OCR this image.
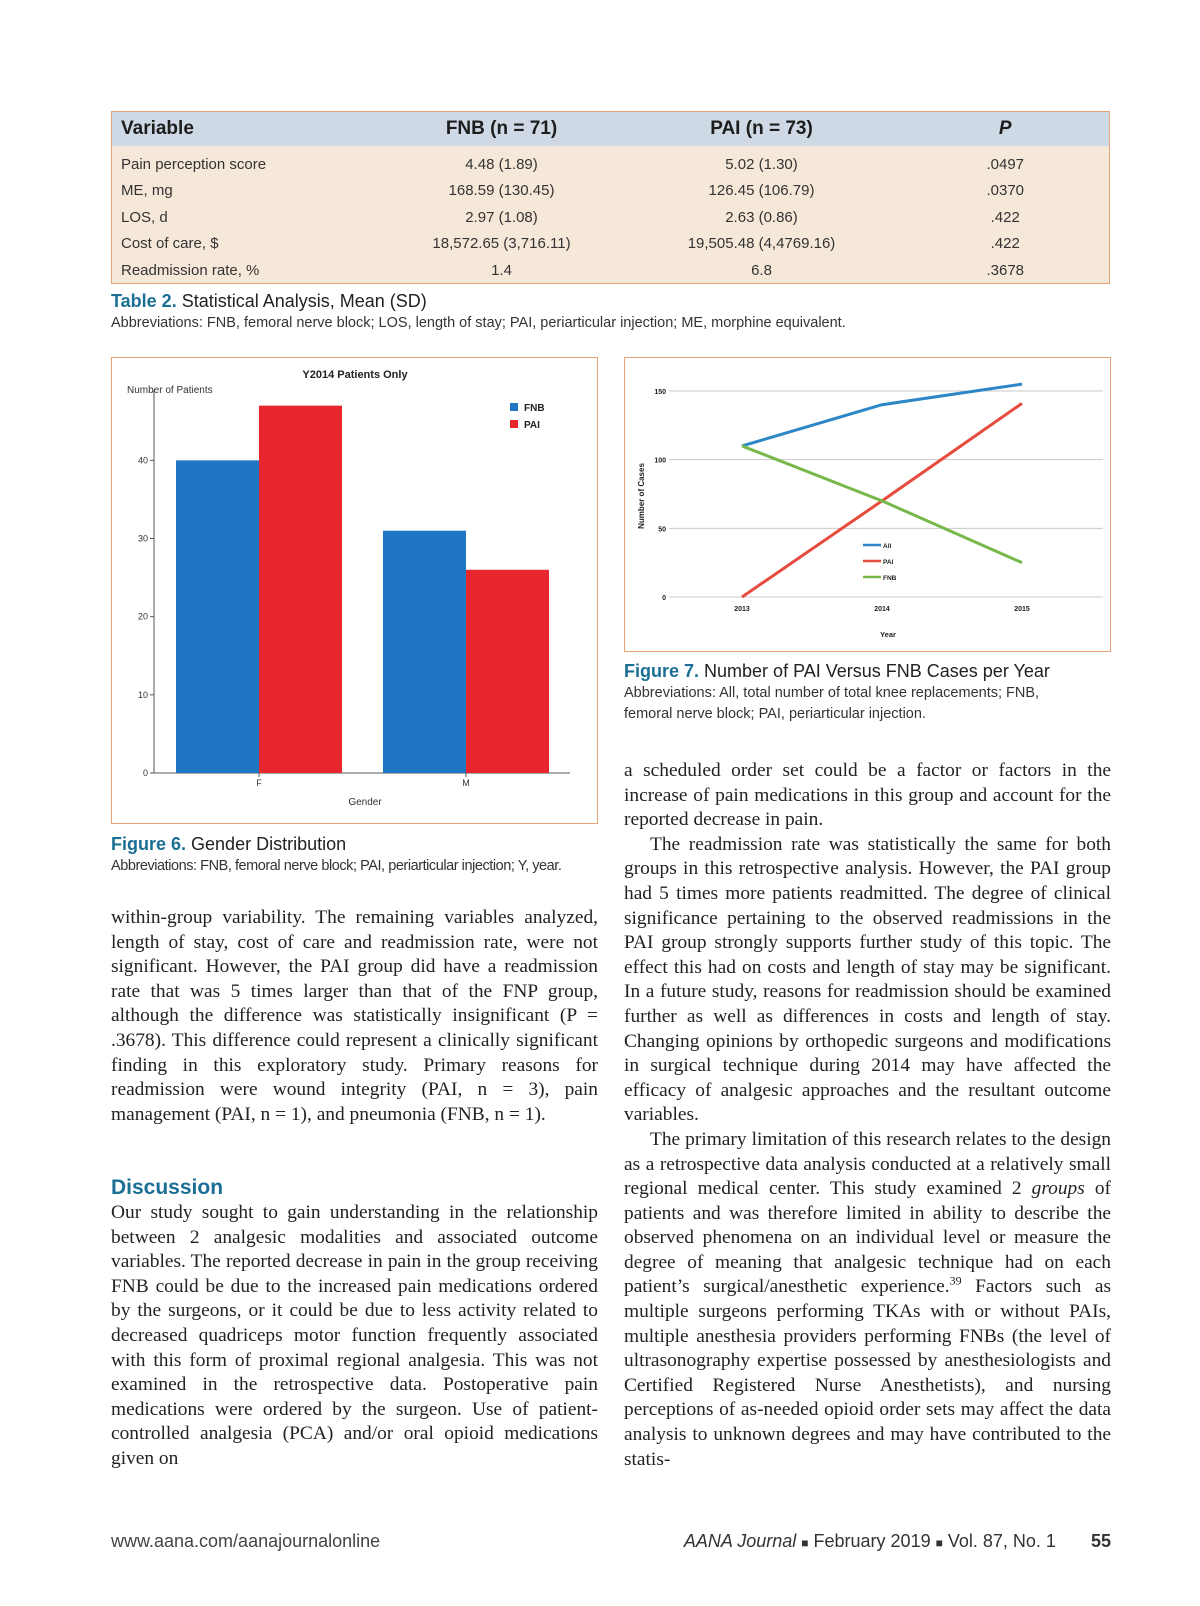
Variable	FNB (n = 71)	PAI (n = 73)	P
Pain perception score	4.48 (1.89)	5.02 (1.30)	.0497
ME, mg	168.59 (130.45)	126.45 (106.79)	.0370
LOS, d	2.97 (1.08)	2.63 (0.86)	.422
Cost of care, $	18,572.65 (3,716.11)	19,505.48 (4,4769.16)	.422
Readmission rate, %	1.4	6.8	.3678
Table 2. Statistical Analysis, Mean (SD)
Abbreviations: FNB, femoral nerve block; LOS, length of stay; PAI, periarticular injection; ME, morphine equivalent.
Y2014 Patients Only
Number of Patients
Gender
0
10
20
30
40
F	M
FNB
PAI
Figure 6. Gender Distribution
Abbreviations: FNB, femoral nerve block; PAI, periarticular injection; Y, year.
Number of Cases
Year
0
50
100
150
2013	2014	2015
All
PAI
FNB
Figure 7. Number of PAI Versus FNB Cases per Year
Abbreviations: All, total number of total knee replacements; FNB,
femoral nerve block; PAI, periarticular injection.

within-group variability. The remaining variables analyzed, length of stay, cost of care and readmission rate, were not significant. However, the PAI group did have a readmission rate that was 5 times larger than that of the FNP group, although the difference was statistically insignificant (P = .3678). This difference could represent a clinically significant finding in this exploratory study. Primary reasons for readmission were wound integrity (PAI, n = 3), pain management (PAI, n = 1), and pneumonia (FNB, n = 1).

Discussion

Our study sought to gain understanding in the relationship between 2 analgesic modalities and associated outcome variables. The reported decrease in pain in the group receiving FNB could be due to the increased pain medications ordered by the surgeons, or it could be due to less activity related to decreased quadriceps motor function frequently associated with this form of proximal regional analgesia. This was not examined in the retrospective data. Postoperative pain medications were ordered by the surgeon. Use of patient-controlled analgesia (PCA) and/or oral opioid medications given on

a scheduled order set could be a factor or factors in the increase of pain medications in this group and account for the reported decrease in pain.

The readmission rate was statistically the same for both groups in this retrospective analysis. However, the PAI group had 5 times more patients readmitted. The degree of clinical significance pertaining to the observed readmissions in the PAI group strongly supports further study of this topic. The effect this had on costs and length of stay may be significant. In a future study, reasons for readmission should be examined further as well as differences in costs and length of stay. Changing opinions by orthopedic surgeons and modifications in surgical technique during 2014 may have affected the efficacy of analgesic approaches and the resultant outcome variables.

The primary limitation of this research relates to the design as a retrospective data analysis conducted at a relatively small regional medical center. This study examined 2 groups of patients and was therefore limited in ability to describe the observed phenomena on an individual level or measure the degree of meaning that analgesic technique had on each patient’s surgical/anesthetic experience.$^{39}$ Factors such as multiple surgeons performing TKAs with or without PAIs, multiple anesthesia providers performing FNBs (the level of ultrasonography expertise possessed by anesthesiologists and Certified Registered Nurse Anesthetists), and nursing perceptions of as-needed opioid order sets may affect the data analysis to unknown degrees and may have contributed to the statis-

www.aana.com/aanajournalonline	AANA Journal ■ February 2019 ■ Vol. 87, No. 1 55
